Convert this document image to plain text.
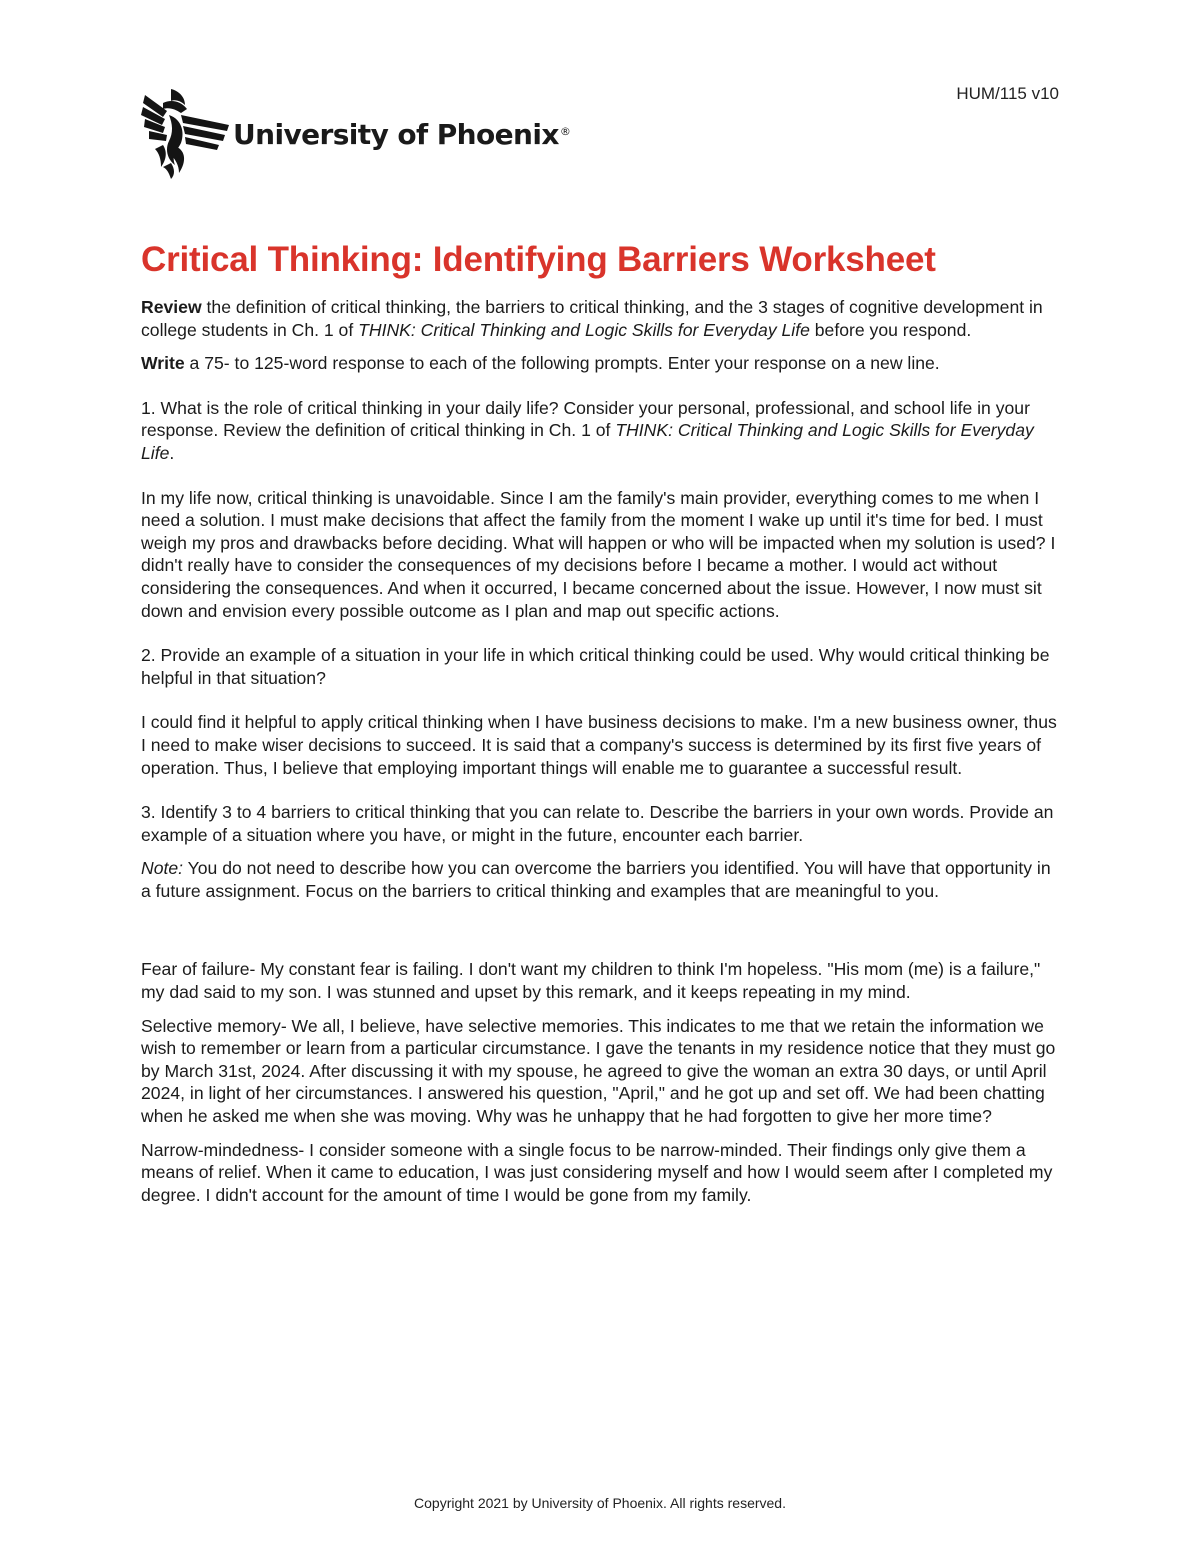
University of Phoenix®
HUM/115 v10
Critical Thinking: Identifying Barriers Worksheet

Review the definition of critical thinking, the barriers to critical thinking, and the 3 stages of cognitive development in college students in Ch. 1 of THINK: Critical Thinking and Logic Skills for Everyday Life before you respond.

Write a 75- to 125-word response to each of the following prompts. Enter your response on a new line.

1. What is the role of critical thinking in your daily life? Consider your personal, professional, and school life in your response. Review the definition of critical thinking in Ch. 1 of THINK: Critical Thinking and Logic Skills for Everyday Life.

In my life now, critical thinking is unavoidable. Since I am the family's main provider, everything comes to me when I need a solution. I must make decisions that affect the family from the moment I wake up until it's time for bed. I must weigh my pros and drawbacks before deciding. What will happen or who will be impacted when my solution is used? I didn't really have to consider the consequences of my decisions before I became a mother. I would act without considering the consequences. And when it occurred, I became concerned about the issue. However, I now must sit down and envision every possible outcome as I plan and map out specific actions.

2. Provide an example of a situation in your life in which critical thinking could be used. Why would critical thinking be helpful in that situation?

I could find it helpful to apply critical thinking when I have business decisions to make. I'm a new business owner, thus I need to make wiser decisions to succeed. It is said that a company's success is determined by its first five years of operation. Thus, I believe that employing important things will enable me to guarantee a successful result.

3. Identify 3 to 4 barriers to critical thinking that you can relate to. Describe the barriers in your own words. Provide an example of a situation where you have, or might in the future, encounter each barrier.

Note: You do not need to describe how you can overcome the barriers you identified. You will have that opportunity in a future assignment. Focus on the barriers to critical thinking and examples that are meaningful to you.

Fear of failure- My constant fear is failing. I don't want my children to think I'm hopeless. "His mom (me) is a failure," my dad said to my son. I was stunned and upset by this remark, and it keeps repeating in my mind.

Selective memory- We all, I believe, have selective memories. This indicates to me that we retain the information we wish to remember or learn from a particular circumstance. I gave the tenants in my residence notice that they must go by March 31st, 2024. After discussing it with my spouse, he agreed to give the woman an extra 30 days, or until April 2024, in light of her circumstances. I answered his question, "April," and he got up and set off. We had been chatting when he asked me when she was moving. Why was he unhappy that he had forgotten to give her more time?

Narrow-mindedness- I consider someone with a single focus to be narrow-minded. Their findings only give them a means of relief. When it came to education, I was just considering myself and how I would seem after I completed my degree. I didn't account for the amount of time I would be gone from my family.

Copyright 2021 by University of Phoenix. All rights reserved.
